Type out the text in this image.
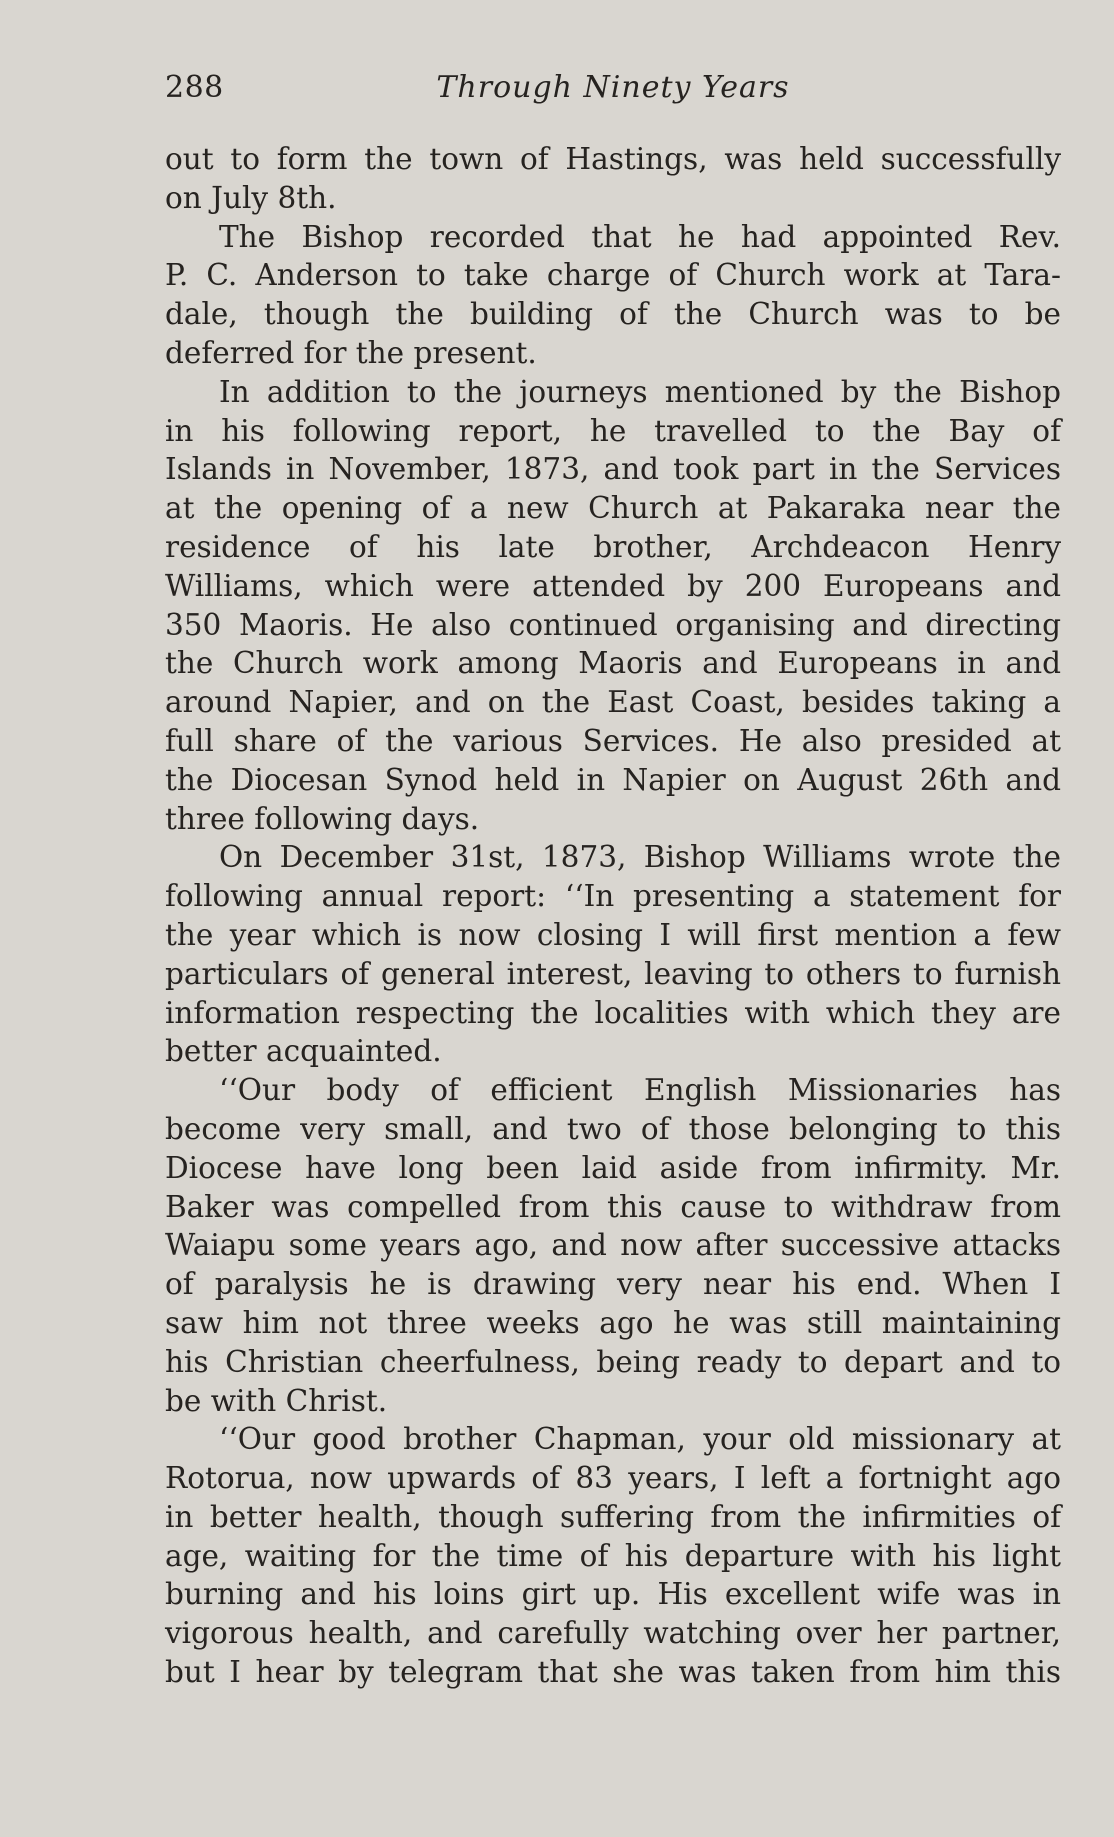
288	Through Ninety Years
out to form the town of Hastings, was held successfully
on July 8th.
The Bishop recorded that he had appointed Rev.
P. C. Anderson to take charge of Church work at Tara-
dale, though the building of the Church was to be
deferred for the present.
In addition to the journeys mentioned by the Bishop
in his following report, he travelled to the Bay of
Islands in November, 1873, and took part in the Services
at the opening of a new Church at Pakaraka near the
residence of his late brother, Archdeacon Henry
Williams, which were attended by 200 Europeans and
350 Maoris. He also continued organising and directing
the Church work among Maoris and Europeans in and
around Napier, and on the East Coast, besides taking a
full share of the various Services. He also presided at
the Diocesan Synod held in Napier on August 26th and
three following days.
On December 31st, 1873, Bishop Williams wrote the
following annual report: ‘‘In presenting a statement for
the year which is now closing I will first mention a few
particulars of general interest, leaving to others to furnish
information respecting the localities with which they are
better acquainted.
‘‘Our body of efficient English Missionaries has
become very small, and two of those belonging to this
Diocese have long been laid aside from infirmity. Mr.
Baker was compelled from this cause to withdraw from
Waiapu some years ago, and now after successive attacks
of paralysis he is drawing very near his end. When I
saw him not three weeks ago he was still maintaining
his Christian cheerfulness, being ready to depart and to
be with Christ.
‘‘Our good brother Chapman, your old missionary at
Rotorua, now upwards of 83 years, I left a fortnight ago
in better health, though suffering from the infirmities of
age, waiting for the time of his departure with his light
burning and his loins girt up. His excellent wife was in
vigorous health, and carefully watching over her partner,
but I hear by telegram that she was taken from him this
